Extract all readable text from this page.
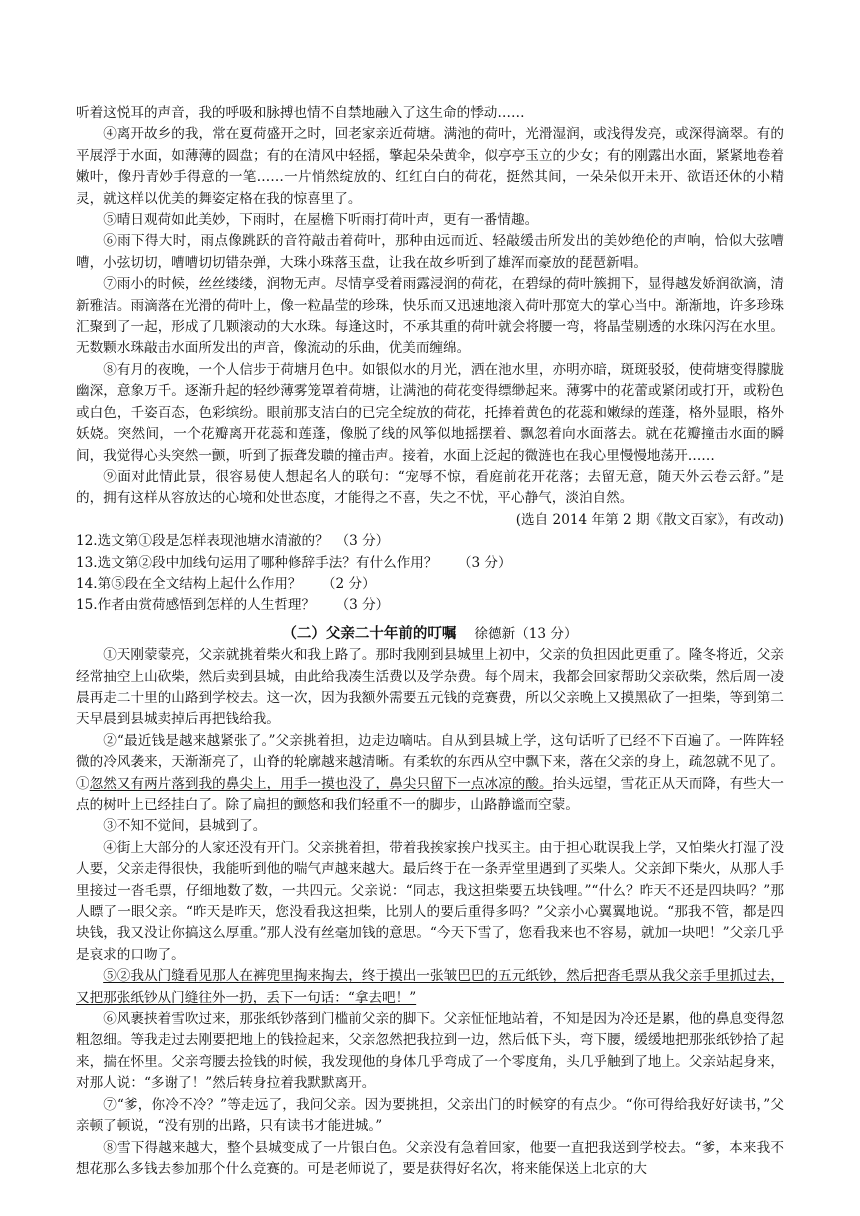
听着这悦耳的声音，我的呼吸和脉搏也情不自禁地融入了这生命的悸动……

④离开故乡的我，常在夏荷盛开之时，回老家亲近荷塘。满池的荷叶，光滑湿润，或浅得发亮，或深得滴翠。有的平展浮于水面，如薄薄的圆盘；有的在清风中轻摇，擎起朵朵黄伞，似亭亭玉立的少女；有的刚露出水面，紧紧地卷着嫩叶，像丹青妙手得意的一笔……一片悄然绽放的、红红白白的荷花，挺然其间，一朵朵似开未开、欲语还休的小精灵，就这样以优美的舞姿定格在我的惊喜里了。

⑤晴日观荷如此美妙，下雨时，在屋檐下听雨打荷叶声，更有一番情趣。

⑥雨下得大时，雨点像跳跃的音符敲击着荷叶，那种由远而近、轻敲缓击所发出的美妙绝伦的声响，恰似大弦嘈嘈，小弦切切，嘈嘈切切错杂弹，大珠小珠落玉盘，让我在故乡听到了雄浑而豪放的琵琶新唱。

⑦雨小的时候，丝丝缕缕，润物无声。尽情享受着雨露浸润的荷花，在碧绿的荷叶簇拥下，显得越发娇润欲滴，清新雅洁。雨滴落在光滑的荷叶上，像一粒晶莹的珍珠，快乐而又迅速地滚入荷叶那宽大的掌心当中。渐渐地，许多珍珠汇聚到了一起，形成了几颗滚动的大水珠。每逢这时，不承其重的荷叶就会将腰一弯，将晶莹剔透的水珠闪泻在水里。无数颗水珠敲击水面所发出的声音，像流动的乐曲，优美而缠绵。

⑧有月的夜晚，一个人信步于荷塘月色中。如银似水的月光，洒在池水里，亦明亦暗，斑斑驳驳，使荷塘变得朦胧幽深，意象万千。逐渐升起的轻纱薄雾笼罩着荷塘，让满池的荷花变得缥缈起来。薄雾中的花蕾或紧闭或打开，或粉色或白色，千姿百态，色彩缤纷。眼前那支洁白的已完全绽放的荷花，托捧着黄色的花蕊和嫩绿的莲蓬，格外显眼，格外妖娆。突然间，一个花瓣离开花蕊和莲蓬，像脱了线的风筝似地摇摆着、飘忽着向水面落去。就在花瓣撞击水面的瞬间，我觉得心头突然一颤，听到了振聋发聩的撞击声。接着，水面上泛起的微涟也在我心里慢慢地荡开……

⑨面对此情此景，很容易使人想起名人的联句：“宠辱不惊，看庭前花开花落；去留无意，随天外云卷云舒。”是的，拥有这样从容放达的心境和处世态度，才能得之不喜，失之不忧，平心静气，淡泊自然。

(选自 2014 年第 2 期《散文百家》，有改动)

12.选文第①段是怎样表现池塘水清澈的？　（3 分）

13.选文第②段中加线句运用了哪种修辞手法？有什么作用？　　（3 分）

14.第⑤段在全文结构上起什么作用？　　（2 分）

15.作者由赏荷感悟到怎样的人生哲理？　　（3 分）

（二）父亲二十年前的叮嘱 徐德新（13 分）

①天刚蒙蒙亮，父亲就挑着柴火和我上路了。那时我刚到县城里上初中，父亲的负担因此更重了。隆冬将近，父亲经常抽空上山砍柴，然后卖到县城，由此给我凑生活费以及学杂费。每个周末，我都会回家帮助父亲砍柴，然后周一凌晨再走二十里的山路到学校去。这一次，因为我额外需要五元钱的竞赛费，所以父亲晚上又摸黑砍了一担柴，等到第二天早晨到县城卖掉后再把钱给我。

②“最近钱是越来越紧张了。”父亲挑着担，边走边嘀咕。自从到县城上学，这句话听了已经不下百遍了。一阵阵轻微的冷风袭来，天渐渐亮了，山脊的轮廓越来越清晰。有柔软的东西从空中飘下来，落在父亲的身上，疏忽就不见了。①忽然又有两片落到我的鼻尖上，用手一摸也没了，鼻尖只留下一点冰凉的酸。抬头远望，雪花正从天而降，有些大一点的树叶上已经挂白了。除了扁担的颤悠和我们轻重不一的脚步，山路静谧而空蒙。

③不知不觉间，县城到了。

④街上大部分的人家还没有开门。父亲挑着担，带着我挨家挨户找买主。由于担心耽误我上学，又怕柴火打湿了没人要，父亲走得很快，我能听到他的喘气声越来越大。最后终于在一条弄堂里遇到了买柴人。父亲卸下柴火，从那人手里接过一沓毛票，仔细地数了数，一共四元。父亲说：“同志，我这担柴要五块钱哩。”“什么？昨天不还是四块吗？”那人瞟了一眼父亲。“昨天是昨天，您没看我这担柴，比别人的要后重得多吗？”父亲小心翼翼地说。“那我不管，都是四块钱，我又没让你搞这么厚重。”那人没有丝毫加钱的意思。“今天下雪了，您看我来也不容易，就加一块吧！”父亲几乎是哀求的口吻了。

⑤②我从门缝看见那人在裤兜里掏来掏去，终于摸出一张皱巴巴的五元纸钞，然后把沓毛票从我父亲手里抓过去，又把那张纸钞从门缝往外一扔，丢下一句话：“拿去吧！”

⑥风裹挟着雪吹过来，那张纸钞落到门槛前父亲的脚下。父亲怔怔地站着，不知是因为冷还是累，他的鼻息变得忽粗忽细。等我走过去刚要把地上的钱捡起来，父亲忽然把我拉到一边，然后低下头，弯下腰，缓缓地把那张纸钞拾了起来，揣在怀里。父亲弯腰去捡钱的时候，我发现他的身体几乎弯成了一个零度角，头几乎触到了地上。父亲站起身来，对那人说：“多谢了！”然后转身拉着我默默离开。

⑦“爹，你冷不冷？”等走远了，我问父亲。因为要挑担，父亲出门的时候穿的有点少。“你可得给我好好读书，”父亲顿了顿说，“没有别的出路，只有读书才能进城。”

⑧雪下得越来越大，整个县城变成了一片银白色。父亲没有急着回家，他要一直把我送到学校去。“爹，本来我不想花那么多钱去参加那个什么竞赛的。可是老师说了，要是获得好名次，将来能保送上北京的大
